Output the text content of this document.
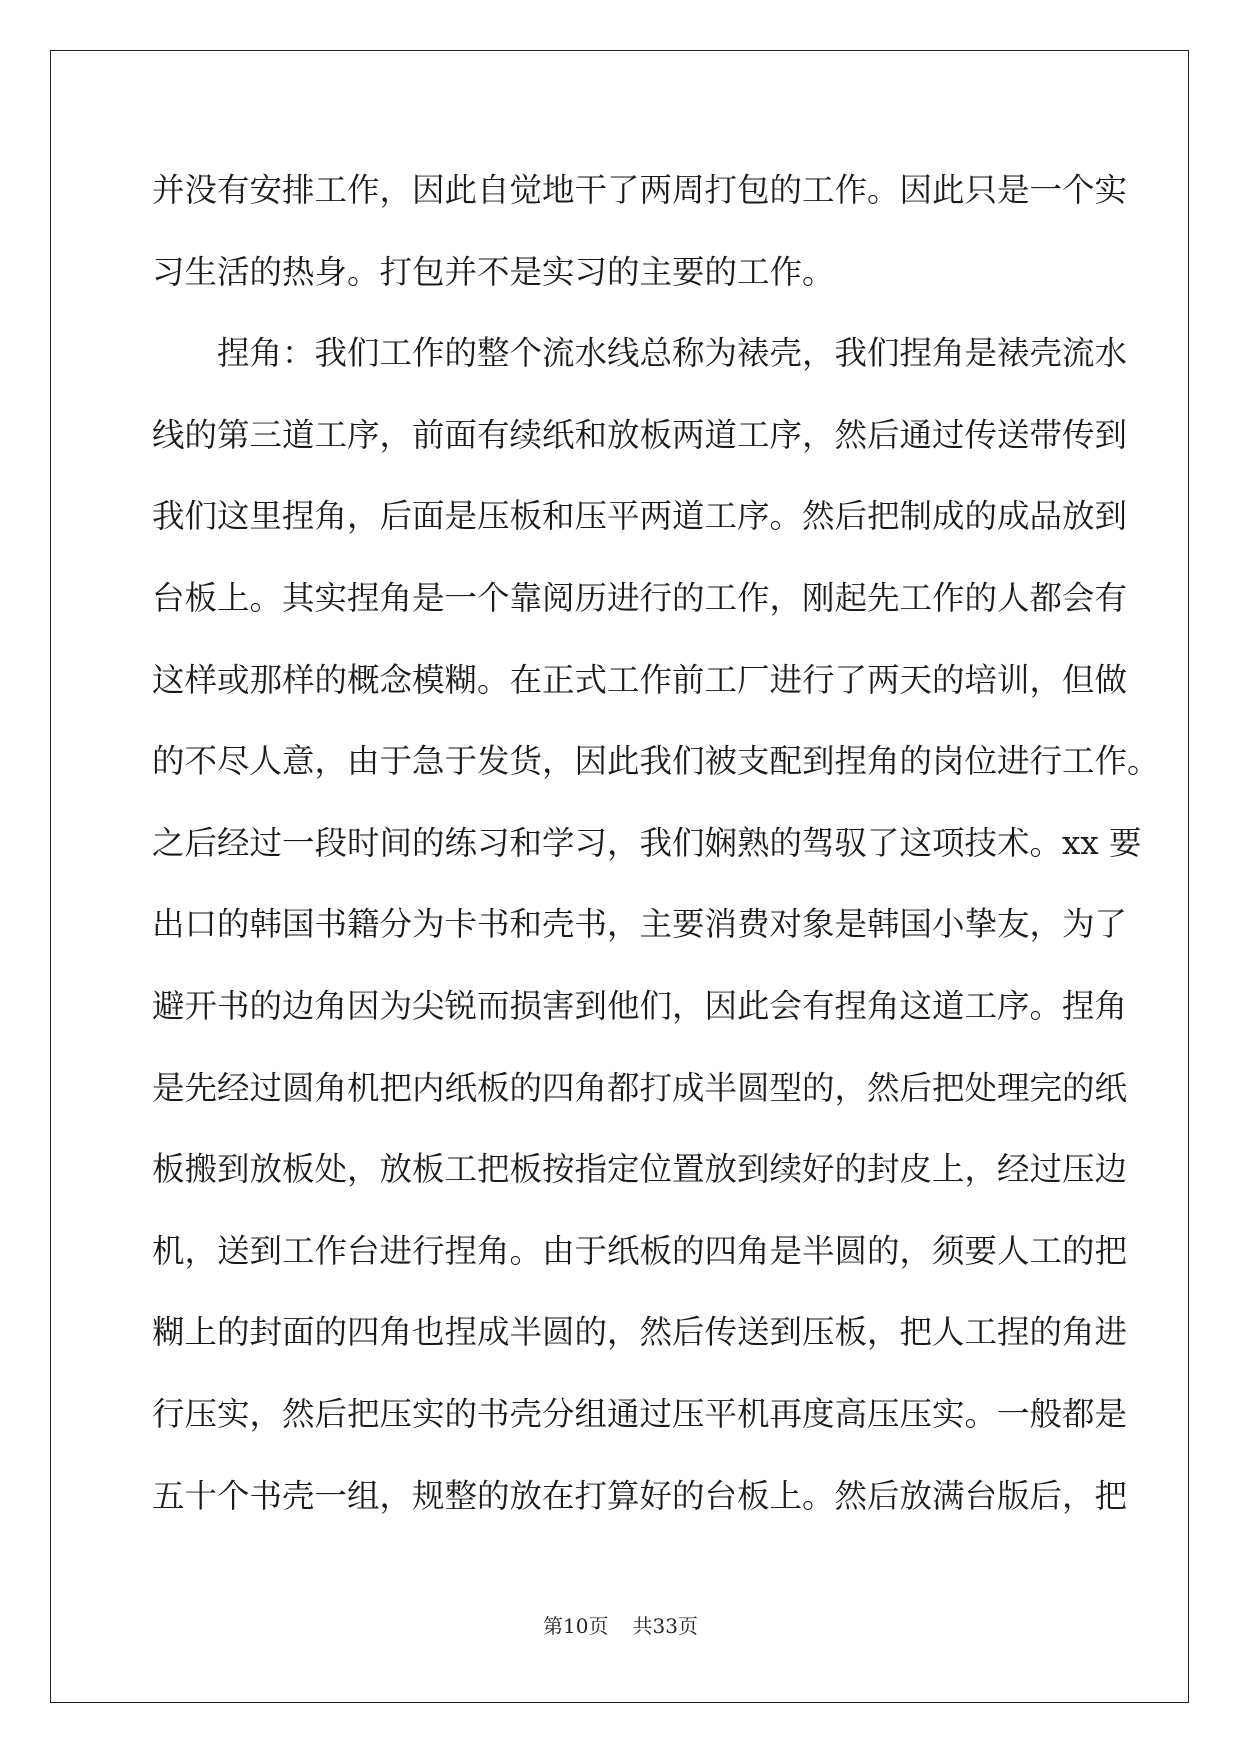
并没有安排工作，因此自觉地干了两周打包的工作。因此只是一个实
习生活的热身。打包并不是实习的主要的工作。
捏角：我们工作的整个流水线总称为裱壳，我们捏角是裱壳流水
线的第三道工序，前面有续纸和放板两道工序，然后通过传送带传到
我们这里捏角，后面是压板和压平两道工序。然后把制成的成品放到
台板上。其实捏角是一个靠阅历进行的工作，刚起先工作的人都会有
这样或那样的概念模糊。在正式工作前工厂进行了两天的培训，但做
的不尽人意，由于急于发货，因此我们被支配到捏角的岗位进行工作。
之后经过一段时间的练习和学习，我们娴熟的驾驭了这项技术。xx 要
出口的韩国书籍分为卡书和壳书，主要消费对象是韩国小挚友，为了
避开书的边角因为尖锐而损害到他们，因此会有捏角这道工序。捏角
是先经过圆角机把内纸板的四角都打成半圆型的，然后把处理完的纸
板搬到放板处，放板工把板按指定位置放到续好的封皮上，经过压边
机，送到工作台进行捏角。由于纸板的四角是半圆的，须要人工的把
糊上的封面的四角也捏成半圆的，然后传送到压板，把人工捏的角进
行压实，然后把压实的书壳分组通过压平机再度高压压实。一般都是
五十个书壳一组，规整的放在打算好的台板上。然后放满台版后，把
第10页 共33页
